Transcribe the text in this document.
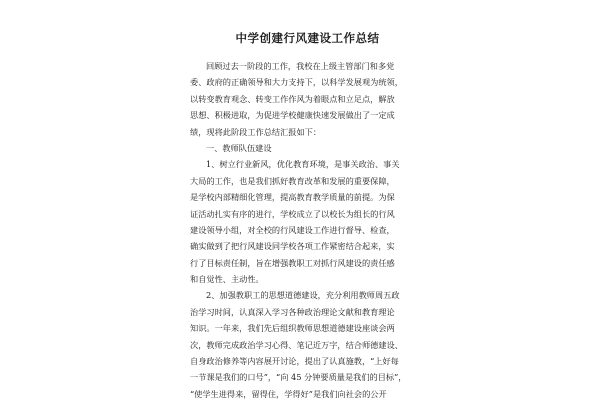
中学创建行风建设工作总结
回顾过去一阶段的工作，我校在上级主管部门和多党
委、政府的正确领导和大力支持下，以科学发展观为统领，
以转变教育观念、转变工作作风为着眼点和立足点，解放
思想、积极进取，为促进学校健康快速发展做出了一定成
绩，现将此阶段工作总结汇报如下：
一、教师队伍建设
1、树立行业新风，优化教育环境，是事关政治、事关
大局的工作，也是我们抓好教育改革和发展的重要保障，
是学校内部精细化管理，提高教育教学质量的前提。为保
证活动扎实有序的进行，学校成立了以校长为组长的行风
建设领导小组，对全校的行风建设工作进行督导、检查，
确实做到了把行风建设同学校各项工作紧密结合起来，实
行了目标责任制，旨在增强教职工对抓行风建设的责任感
和自觉性、主动性。
2、加强教职工的思想道德建设，充分利用教师周五政
治学习时间，认真深入学习各种政治理论文献和教育理论
知识。一年来，我们先后组织教师思想道德建设座谈会两
次，教师完成政治学习心得、笔记近万字，结合师德建设、
自身政治修养等内容展开讨论，提出了认真施教，“上好每
一节课是我们的口号”，“向 45 分钟要质量是我们的目标”，
“使学生进得来，留得住，学得好”是我们向社会的公开
